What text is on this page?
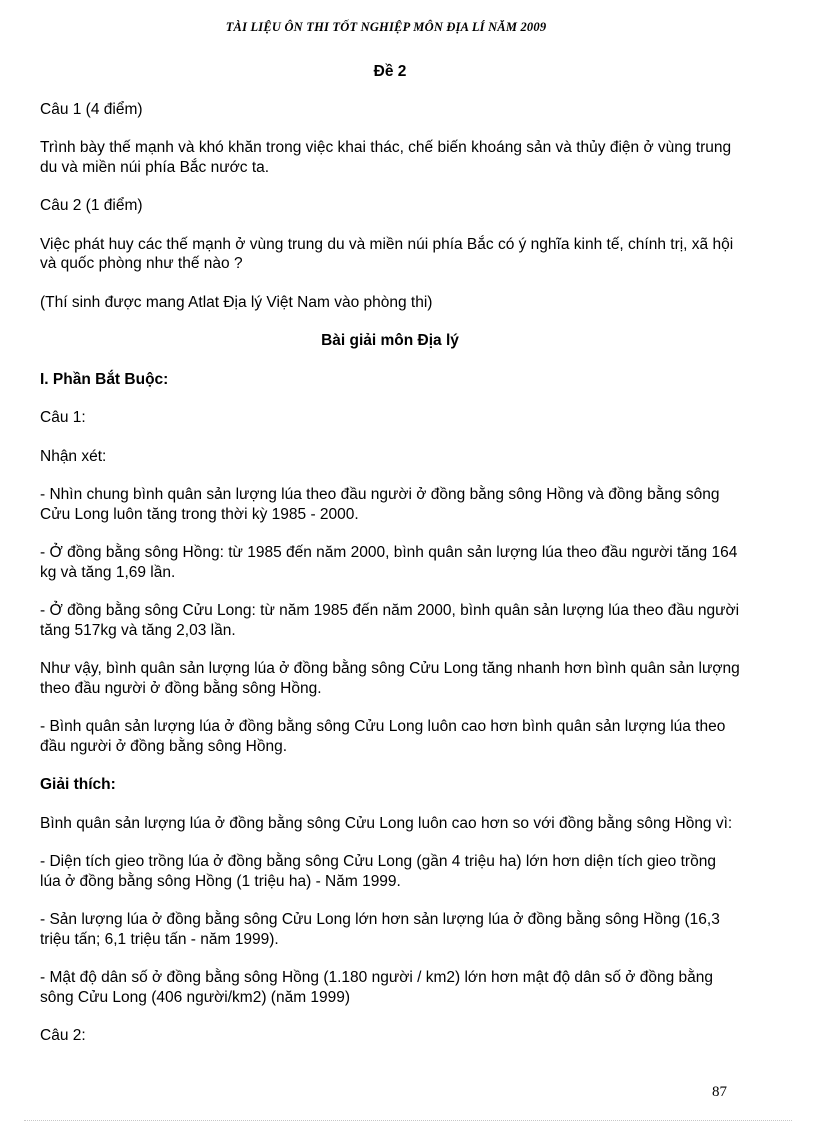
TÀI LIỆU ÔN THI TỐT NGHIỆP MÔN ĐỊA LÍ NĂM 2009

Đề 2

Câu 1 (4 điểm)

Trình bày thế mạnh và khó khăn trong việc khai thác, chế biến khoáng sản và thủy điện ở vùng trung du và miền núi phía Bắc nước ta.

Câu 2 (1 điểm)

Việc phát huy các thế mạnh ở vùng trung du và miền núi phía Bắc có ý nghĩa kinh tế, chính trị, xã hội và quốc phòng như thế nào ?

(Thí sinh được mang Atlat Địa lý Việt Nam vào phòng thi)

Bài giải môn Địa lý

I. Phần Bắt Buộc:

Câu 1:

Nhận xét:

- Nhìn chung bình quân sản lượng lúa theo đầu người ở đồng bằng sông Hồng và đồng bằng sông Cửu Long luôn tăng trong thời kỳ 1985 - 2000.

- Ở đồng bằng sông Hồng: từ 1985 đến năm 2000, bình quân sản lượng lúa theo đầu người tăng 164 kg và tăng 1,69 lần.

- Ở đồng bằng sông Cửu Long: từ năm 1985 đến năm 2000, bình quân sản lượng lúa theo đầu người tăng 517kg và tăng 2,03 lần.

Như vậy, bình quân sản lượng lúa ở đồng bằng sông Cửu Long tăng nhanh hơn bình quân sản lượng theo đầu người ở đồng bằng sông Hồng.

- Bình quân sản lượng lúa ở đồng bằng sông Cửu Long luôn cao hơn bình quân sản lượng lúa theo đầu người ở đồng bằng sông Hồng.

Giải thích:

Bình quân sản lượng lúa ở đồng bằng sông Cửu Long luôn cao hơn so với đồng bằng sông Hồng vì:

- Diện tích gieo trồng lúa ở đồng bằng sông Cửu Long (gần 4 triệu ha) lớn hơn diện tích gieo trồng lúa ở đồng bằng sông Hồng (1 triệu ha) - Năm 1999.

- Sản lượng lúa ở đồng bằng sông Cửu Long lớn hơn sản lượng lúa ở đồng bằng sông Hồng (16,3 triệu tấn; 6,1 triệu tấn - năm 1999).

- Mật độ dân số ở đồng bằng sông Hồng (1.180 người / km2) lớn hơn mật độ dân số ở đồng bằng sông Cửu Long (406 người/km2) (năm 1999)

Câu 2:

87
